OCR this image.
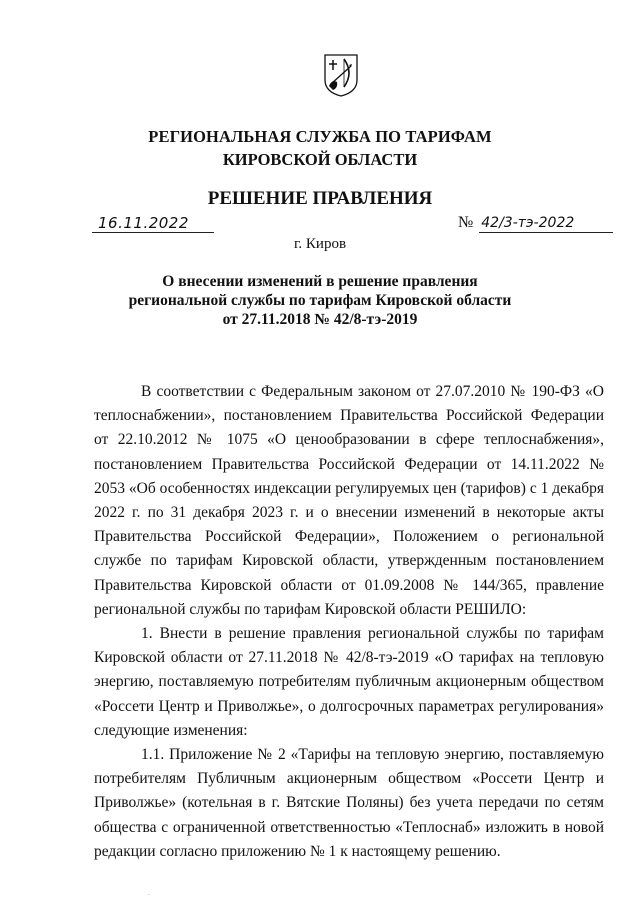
РЕГИОНАЛЬНАЯ СЛУЖБА ПО ТАРИФАМ
КИРОВСКОЙ ОБЛАСТИ
РЕШЕНИЕ ПРАВЛЕНИЯ
16.11.2022	№ 42/3-тэ-2022
г. Киров
О внесении изменений в решение правления
региональной службы по тарифам Кировской области
от 27.11.2018 № 42/8-тэ-2019

В соответствии с Федеральным законом от 27.07.2010 № 190-ФЗ «О теплоснабжении», постановлением Правительства Российской Федерации от 22.10.2012 № 1075 «О ценообразовании в сфере теплоснабжения», постановлением Правительства Российской Федерации от 14.11.2022 № 2053 «Об особенностях индексации регулируемых цен (тарифов) с 1 декабря 2022 г. по 31 декабря 2023 г. и о внесении изменений в некоторые акты Правительства Российской Федерации», Положением о региональной службе по тарифам Кировской области, утвержденным постановлением Правительства Кировской области от 01.09.2008 № 144/365, правление региональной службы по тарифам Кировской области РЕШИЛО:

1. Внести в решение правления региональной службы по тарифам Кировской области от 27.11.2018 № 42/8-тэ-2019 «О тарифах на тепловую энергию, поставляемую потребителям публичным акционерным обществом «Россети Центр и Приволжье», о долгосрочных параметрах регулирования» следующие изменения:

1.1. Приложение № 2 «Тарифы на тепловую энергию, поставляемую потребителям Публичным акционерным обществом «Россети Центр и Приволжье» (котельная в г. Вятские Поляны) без учета передачи по сетям общества с ограниченной ответственностью «Теплоснаб» изложить в новой редакции согласно приложению № 1 к настоящему решению.

.
